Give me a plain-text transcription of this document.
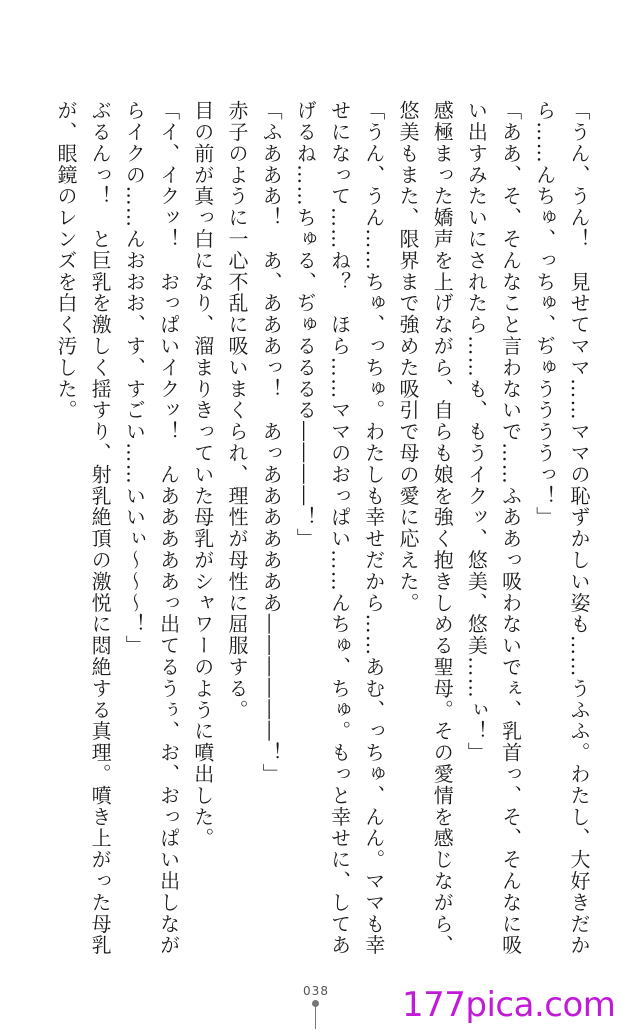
「うん、うん！　見せてママ……ママの恥ずかしい姿も……うふふ。わたし、大好きだから……んちゅ、っちゅ、ぢゅううううっ！」

「ああ、そ、そんなこと言わないで……ふああっ吸わないでぇ、乳首っ、そ、そんなに吸い出すみたいにされたら……も、もうイクッ、悠美、悠美……ぃ！」

感極まった嬌声を上げながら、自らも娘を強く抱きしめる聖母。その愛情を感じながら、悠美もまた、限界まで強めた吸引で母の愛に応えた。

「うん、うん……ちゅ、っちゅ。わたしも幸せだから……あむ、っちゅ、んん。ママも幸せになって……ね？　ほら……ママのおっぱい……んちゅ、ちゅ。もっと幸せに、してあげるね……ちゅる、ぢゅるるるる――――！」

「ふあああ！　あ、あああっ！　あっあああああああ――――――！」

赤子のように一心不乱に吸いまくられ、理性が母性に屈服する。

目の前が真っ白になり、溜まりきっていた母乳がシャワーのように噴出した。

「イ、イクッ！　おっぱいイクッ！　んあああああっ出てるうぅ、お、おっぱい出しながらイクの……んおおお、す、すごい……いいぃ～～～！」

ぶるんっ！　と巨乳を激しく揺すり、射乳絶頂の激悦に悶絶する真理。噴き上がった母乳が、眼鏡のレンズを白く汚した。

038 177pica.com
